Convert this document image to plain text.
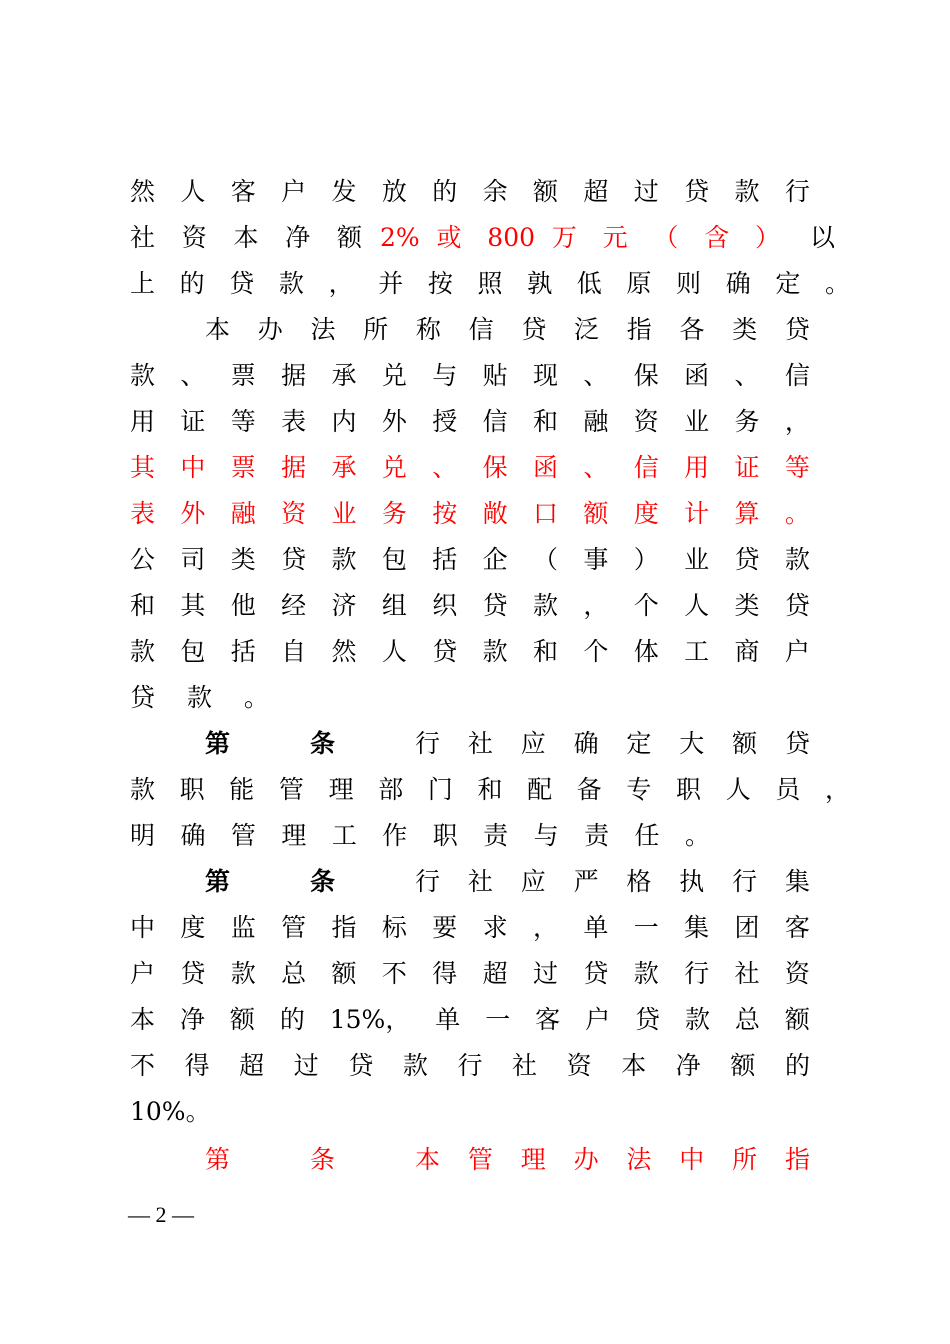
然 人 客 户 发 放 的 余 额 超 过 贷 款 行
社 资 本 净 额 2% 或 800 万 元 （ 含 ） 以
上 的 贷 款 ， 并 按 照 孰 低 原 则 确 定 。
本 办 法 所 称 信 贷 泛 指 各 类 贷
款 、 票 据 承 兑 与 贴 现 、 保 函 、 信
用 证 等 表 内 外 授 信 和 融 资 业 务 ，
其 中 票 据 承 兑 、 保 函 、 信 用 证 等
表 外 融 资 业 务 按 敞 口 额 度 计 算 。
公 司 类 贷 款 包 括 企 （ 事 ） 业 贷 款
和 其 他 经 济 组 织 贷 款 ， 个 人 类 贷
款 包 括 自 然 人 贷 款 和 个 体 工 商 户
贷 款 。
第	条	行 社 应 确 定 大 额 贷
款 职 能 管 理 部 门 和 配 备 专 职 人 员 ，
明 确 管 理 工 作 职 责 与 责 任 。
第	条	行 社 应 严 格 执 行 集
中 度 监 管 指 标 要 求 ， 单 一 集 团 客
户 贷 款 总 额 不 得 超 过 贷 款 行 社 资
本 净 额 的 15%， 单 一 客 户 贷 款 总 额
不 得 超 过 贷 款 行 社 资 本 净 额 的
10%。
第	条	本 管 理 办 法 中 所 指
— 2 —
